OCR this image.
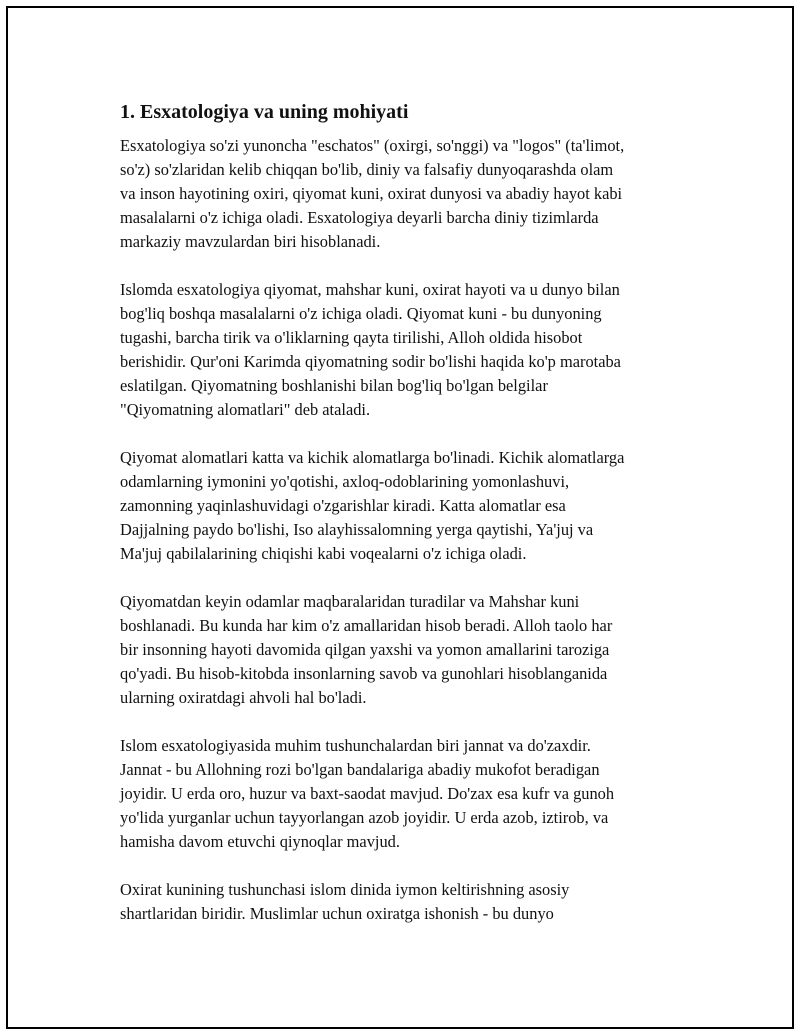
1. Esxatologiya va uning mohiyati

Esxatologiya so'zi yunoncha "eschatos" (oxirgi, so'nggi) va "logos" (ta'limot,
so'z) so'zlaridan kelib chiqqan bo'lib, diniy va falsafiy dunyoqarashda olam
va inson hayotining oxiri, qiyomat kuni, oxirat dunyosi va abadiy hayot kabi
masalalarni o'z ichiga oladi. Esxatologiya deyarli barcha diniy tizimlarda
markaziy mavzulardan biri hisoblanadi.

Islomda esxatologiya qiyomat, mahshar kuni, oxirat hayoti va u dunyo bilan
bog'liq boshqa masalalarni o'z ichiga oladi. Qiyomat kuni - bu dunyoning
tugashi, barcha tirik va o'liklarning qayta tirilishi, Alloh oldida hisobot
berishidir. Qur'oni Karimda qiyomatning sodir bo'lishi haqida ko'p marotaba
eslatilgan. Qiyomatning boshlanishi bilan bog'liq bo'lgan belgilar
"Qiyomatning alomatlari" deb ataladi.

Qiyomat alomatlari katta va kichik alomatlarga bo'linadi. Kichik alomatlarga
odamlarning iymonini yo'qotishi, axloq-odoblarining yomonlashuvi,
zamonning yaqinlashuvidagi o'zgarishlar kiradi. Katta alomatlar esa
Dajjalning paydo bo'lishi, Iso alayhissalomning yerga qaytishi, Ya'juj va
Ma'juj qabilalarining chiqishi kabi voqealarni o'z ichiga oladi.

Qiyomatdan keyin odamlar maqbaralaridan turadilar va Mahshar kuni
boshlanadi. Bu kunda har kim o'z amallaridan hisob beradi. Alloh taolo har
bir insonning hayoti davomida qilgan yaxshi va yomon amallarini taroziga
qo'yadi. Bu hisob-kitobda insonlarning savob va gunohlari hisoblanganida
ularning oxiratdagi ahvoli hal bo'ladi.

Islom esxatologiyasida muhim tushunchalardan biri jannat va do'zaxdir.
Jannat - bu Allohning rozi bo'lgan bandalariga abadiy mukofot beradigan
joyidir. U erda oro, huzur va baxt-saodat mavjud. Do'zax esa kufr va gunoh
yo'lida yurganlar uchun tayyorlangan azob joyidir. U erda azob, iztirob, va
hamisha davom etuvchi qiynoqlar mavjud.

Oxirat kunining tushunchasi islom dinida iymon keltirishning asosiy
shartlaridan biridir. Muslimlar uchun oxiratga ishonish - bu dunyo
